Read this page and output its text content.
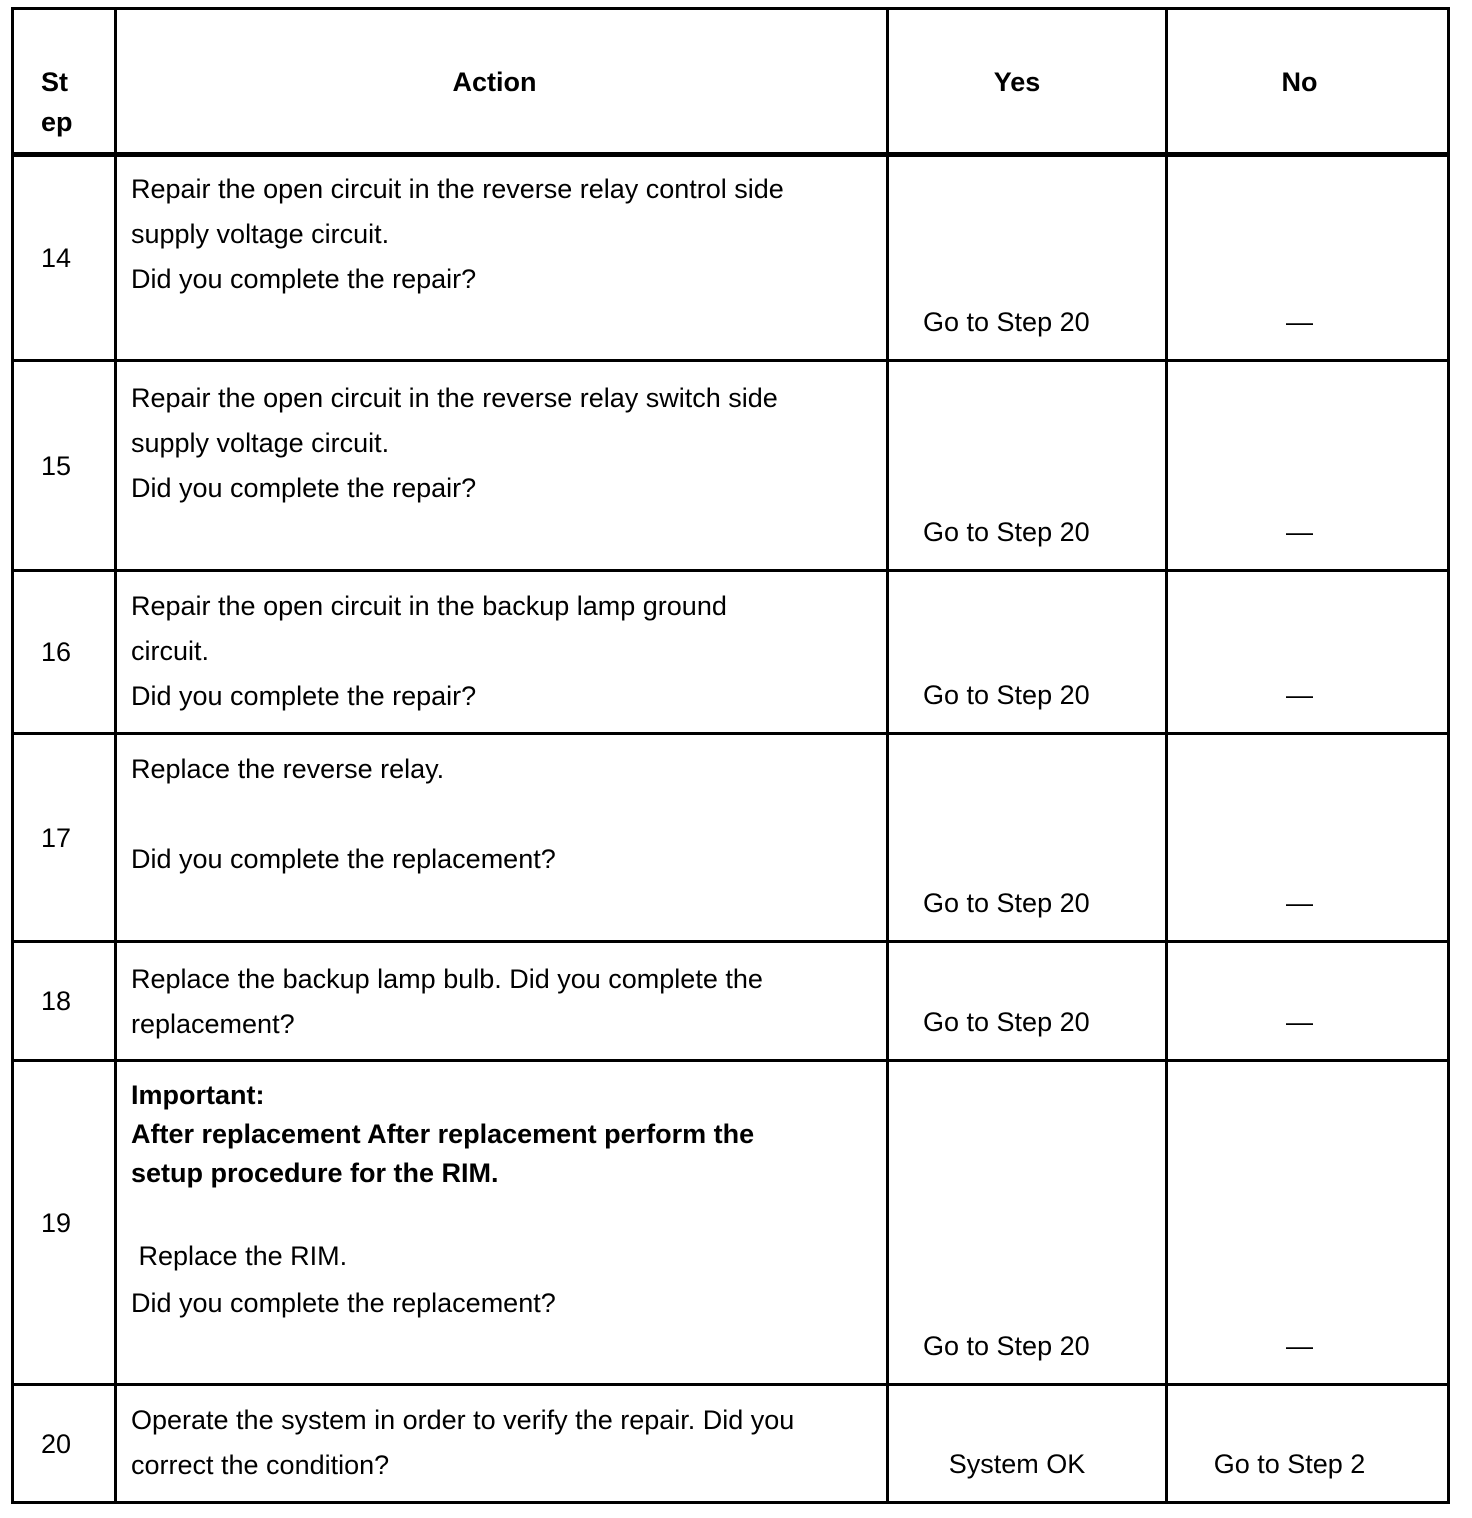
Step
Action	Yes	No
14
Repair the open circuit in the reverse relay control side
supply voltage circuit.
Did you complete the repair?
Go to Step 20	—
15
Repair the open circuit in the reverse relay switch side
supply voltage circuit.
Did you complete the repair?
Go to Step 20	—
16
Repair the open circuit in the backup lamp ground
circuit.
Did you complete the repair?	Go to Step 20	—
17
Replace the reverse relay.
Did you complete the replacement?
Go to Step 20	—
18
Replace the backup lamp bulb. Did you complete the
replacement?	Go to Step 20	—
19
Important:
After replacement After replacement perform the
setup procedure for the RIM.
Replace the RIM.
Did you complete the replacement?
Go to Step 20	—
20
Operate the system in order to verify the repair. Did you
correct the condition?	System OK	Go to Step 2
